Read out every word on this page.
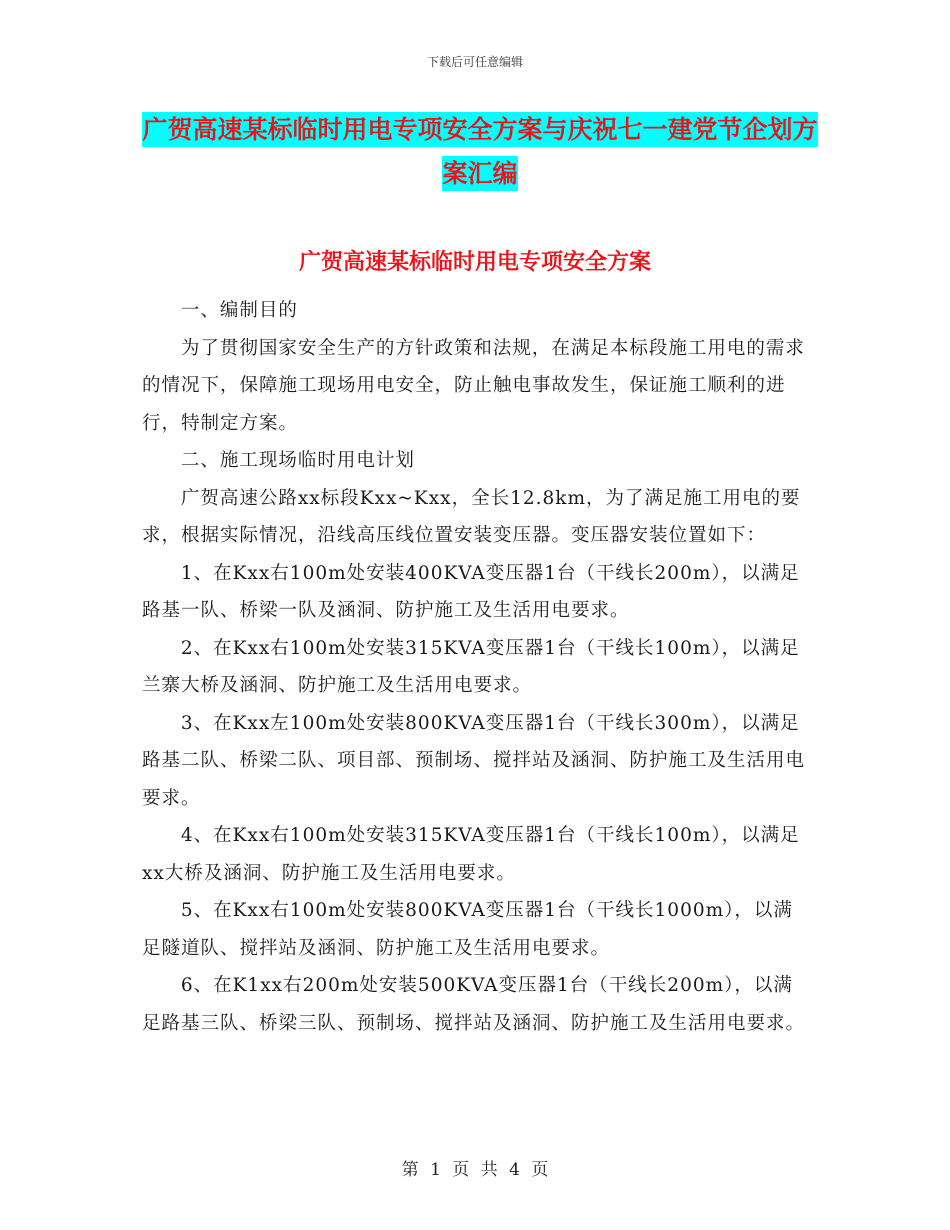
下载后可任意编辑
广贺高速某标临时用电专项安全方案与庆祝七一建党节企划方案汇编
广贺高速某标临时用电专项安全方案

一、编制目的

为了贯彻国家安全生产的方针政策和法规，在满足本标段施工用电的需求的情况下，保障施工现场用电安全，防止触电事故发生，保证施工顺利的进行，特制定方案。

二、施工现场临时用电计划

广贺高速公路xx标段Kxx~Kxx，全长12.8km，为了满足施工用电的要求，根据实际情况，沿线高压线位置安装变压器。变压器安装位置如下：

1、在Kxx右100m处安装400KVA变压器1台（干线长200m），以满足路基一队、桥梁一队及涵洞、防护施工及生活用电要求。

2、在Kxx右100m处安装315KVA变压器1台（干线长100m），以满足兰寨大桥及涵洞、防护施工及生活用电要求。

3、在Kxx左100m处安装800KVA变压器1台（干线长300m），以满足路基二队、桥梁二队、项目部、预制场、搅拌站及涵洞、防护施工及生活用电要求。

4、在Kxx右100m处安装315KVA变压器1台（干线长100m），以满足xx大桥及涵洞、防护施工及生活用电要求。

5、在Kxx右100m处安装800KVA变压器1台（干线长1000m），以满足隧道队、搅拌站及涵洞、防护施工及生活用电要求。

6、在K1xx右200m处安装500KVA变压器1台（干线长200m），以满足路基三队、桥梁三队、预制场、搅拌站及涵洞、防护施工及生活用电要求。

第 1 页 共 4 页
